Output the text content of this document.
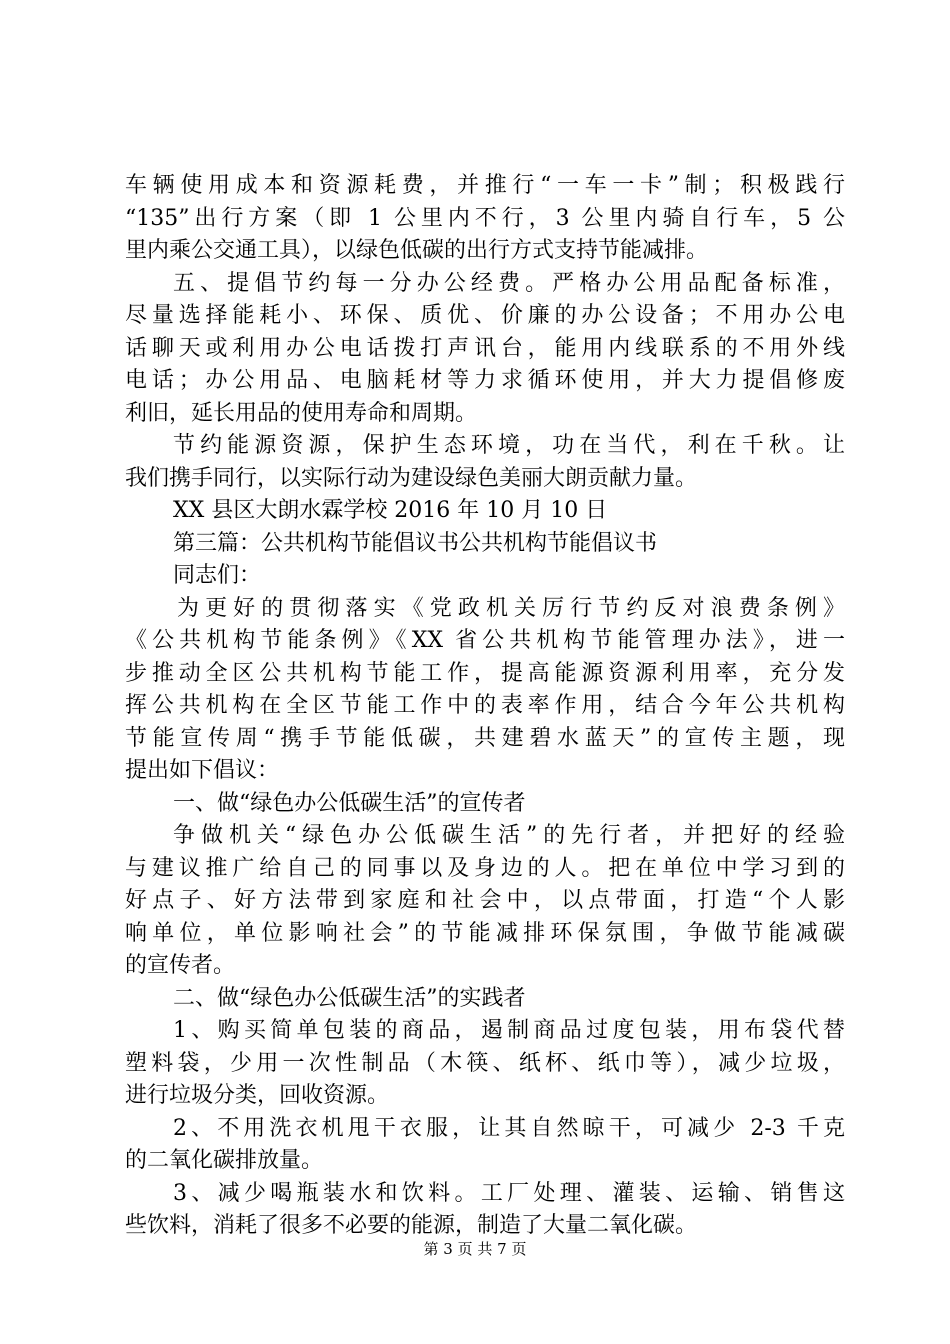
车辆使用成本和资源耗费，并推行“一车一卡”制；积极践行
“135”出行方案（即 1 公里内不行，3 公里内骑自行车，5 公
里内乘公交通工具），以绿色低碳的出行方式支持节能减排。
五、提倡节约每一分办公经费。严格办公用品配备标准，
尽量选择能耗小、环保、质优、价廉的办公设备；不用办公电
话聊天或利用办公电话拨打声讯台，能用内线联系的不用外线
电话；办公用品、电脑耗材等力求循环使用，并大力提倡修废
利旧，延长用品的使用寿命和周期。
节约能源资源，保护生态环境，功在当代，利在千秋。让
我们携手同行，以实际行动为建设绿色美丽大朗贡献力量。
XX 县区大朗水霖学校 2016 年 10 月 10 日
第三篇：公共机构节能倡议书公共机构节能倡议书
同志们：
为更好的贯彻落实《党政机关厉行节约反对浪费条例》
《公共机构节能条例》《XX 省公共机构节能管理办法》，进一
步推动全区公共机构节能工作，提高能源资源利用率，充分发
挥公共机构在全区节能工作中的表率作用，结合今年公共机构
节能宣传周“携手节能低碳，共建碧水蓝天”的宣传主题，现
提出如下倡议：
一、做“绿色办公低碳生活”的宣传者
争做机关“绿色办公低碳生活”的先行者，并把好的经验
与建议推广给自己的同事以及身边的人。把在单位中学习到的
好点子、好方法带到家庭和社会中，以点带面，打造“个人影
响单位，单位影响社会”的节能减排环保氛围，争做节能减碳
的宣传者。
二、做“绿色办公低碳生活”的实践者
1、购买简单包装的商品，遏制商品过度包装，用布袋代替
塑料袋，少用一次性制品（木筷、纸杯、纸巾等），减少垃圾，
进行垃圾分类，回收资源。
2、不用洗衣机甩干衣服，让其自然晾干，可减少 2-3 千克
的二氧化碳排放量。
3、减少喝瓶装水和饮料。工厂处理、灌装、运输、销售这
些饮料，消耗了很多不必要的能源，制造了大量二氧化碳。
第 3 页 共 7 页
